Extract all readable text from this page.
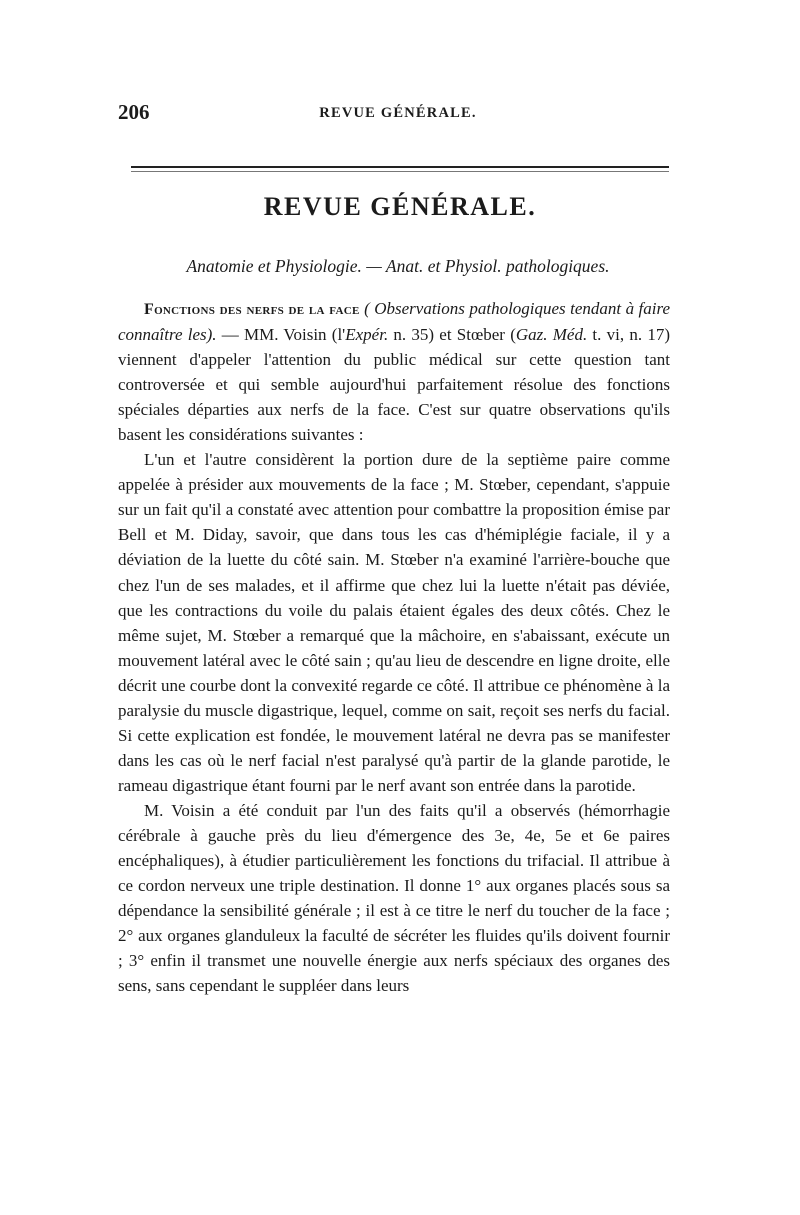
206	REVUE GÉNÉRALE.
REVUE GÉNÉRALE.
Anatomie et Physiologie. — Anat. et Physiol. pathologiques.

Fonctions des nerfs de la face ( Observations pathologiques tendant à faire connaître les). — MM. Voisin (l'Expér. n. 35) et Stœber (Gaz. Méd. t. vi, n. 17) viennent d'appeler l'attention du public médical sur cette question tant controversée et qui semble aujourd'hui parfaitement résolue des fonctions spéciales départies aux nerfs de la face. C'est sur quatre observations qu'ils basent les considérations suivantes :

L'un et l'autre considèrent la portion dure de la septième paire comme appelée à présider aux mouvements de la face ; M. Stœber, cependant, s'appuie sur un fait qu'il a constaté avec attention pour combattre la proposition émise par Bell et M. Diday, savoir, que dans tous les cas d'hémiplégie faciale, il y a déviation de la luette du côté sain. M. Stœber n'a examiné l'arrière-bouche que chez l'un de ses malades, et il affirme que chez lui la luette n'était pas déviée, que les contractions du voile du palais étaient égales des deux côtés. Chez le même sujet, M. Stœber a remarqué que la mâchoire, en s'abaissant, exécute un mouvement latéral avec le côté sain ; qu'au lieu de descendre en ligne droite, elle décrit une courbe dont la convexité regarde ce côté. Il attribue ce phénomène à la paralysie du muscle digastrique, lequel, comme on sait, reçoit ses nerfs du facial. Si cette explication est fondée, le mouvement latéral ne devra pas se manifester dans les cas où le nerf facial n'est paralysé qu'à partir de la glande parotide, le rameau digastrique étant fourni par le nerf avant son entrée dans la parotide.

M. Voisin a été conduit par l'un des faits qu'il a observés (hémorrhagie cérébrale à gauche près du lieu d'émergence des 3e, 4e, 5e et 6e paires encéphaliques), à étudier particulièrement les fonctions du trifacial. Il attribue à ce cordon nerveux une triple destination. Il donne 1° aux organes placés sous sa dépendance la sensibilité générale ; il est à ce titre le nerf du toucher de la face ; 2° aux organes glanduleux la faculté de sécréter les fluides qu'ils doivent fournir ; 3° enfin il transmet une nouvelle énergie aux nerfs spéciaux des organes des sens, sans cependant le suppléer dans leurs
